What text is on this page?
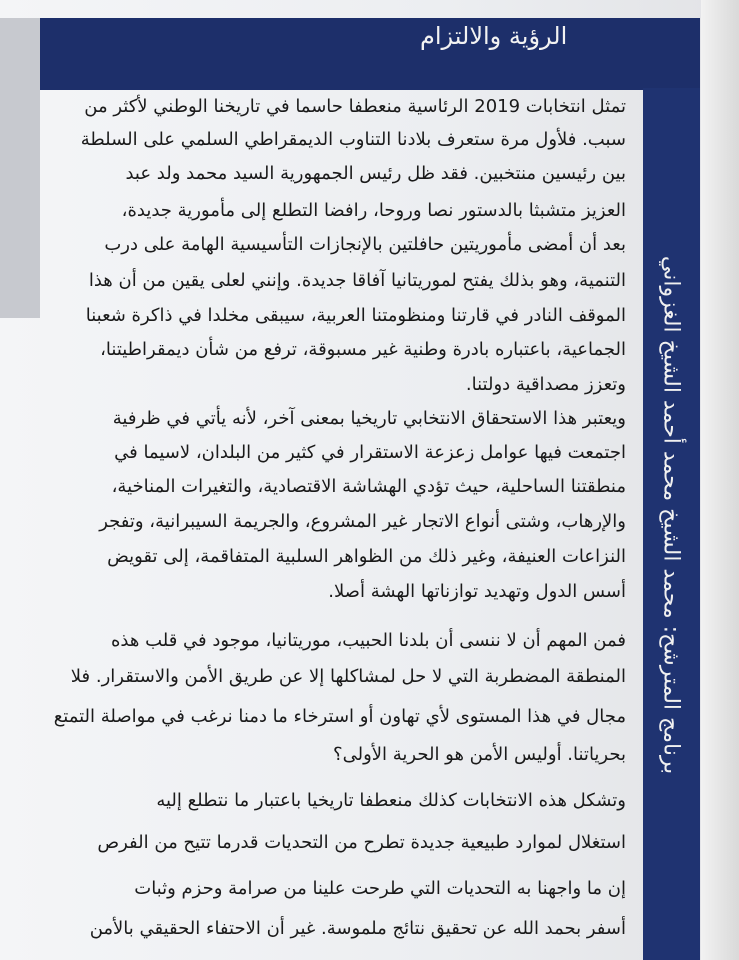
الرؤية والالتزام
برنامج المترشح: محمد الشيخ محمد أحمد الشيخ الغزواني
تمثل انتخابات 2019 الرئاسية منعطفا حاسما في تاريخنا الوطني لأكثر من
سبب. فلأول مرة ستعرف بلادنا التناوب الديمقراطي السلمي على السلطة
بين رئيسين منتخبين. فقد ظل رئيس الجمهورية السيد محمد ولد عبد
العزيز متشبثا بالدستور نصا وروحا، رافضا التطلع إلى مأمورية جديدة،
بعد أن أمضى مأموريتين حافلتين بالإنجازات التأسيسية الهامة على درب
التنمية، وهو بذلك يفتح لموريتانيا آفاقا جديدة. وإنني لعلى يقين من أن هذا
الموقف النادر في قارتنا ومنظومتنا العربية، سيبقى مخلدا في ذاكرة شعبنا
الجماعية، باعتباره بادرة وطنية غير مسبوقة، ترفع من شأن ديمقراطيتنا،
وتعزز مصداقية دولتنا.
ويعتبر هذا الاستحقاق الانتخابي تاريخيا بمعنى آخر، لأنه يأتي في ظرفية
اجتمعت فيها عوامل زعزعة الاستقرار في كثير من البلدان، لاسيما في
منطقتنا الساحلية، حيث تؤدي الهشاشة الاقتصادية، والتغيرات المناخية،
والإرهاب، وشتى أنواع الاتجار غير المشروع، والجريمة السيبرانية، وتفجر
النزاعات العنيفة، وغير ذلك من الظواهر السلبية المتفاقمة، إلى تقويض
أسس الدول وتهديد توازناتها الهشة أصلا.
فمن المهم أن لا ننسى أن بلدنا الحبيب، موريتانيا، موجود في قلب هذه
المنطقة المضطربة التي لا حل لمشاكلها إلا عن طريق الأمن والاستقرار. فلا
مجال في هذا المستوى لأي تهاون أو استرخاء ما دمنا نرغب في مواصلة التمتع
بحرياتنا. أوليس الأمن هو الحرية الأولى؟
وتشكل هذه الانتخابات كذلك منعطفا تاريخيا باعتبار ما نتطلع إليه
استغلال لموارد طبيعية جديدة تطرح من التحديات قدرما تتيح من الفرص
إن ما واجهنا به التحديات التي طرحت علينا من صرامة وحزم وثبات
أسفر بحمد الله عن تحقيق نتائج ملموسة. غير أن الاحتفاء الحقيقي بالأمن
